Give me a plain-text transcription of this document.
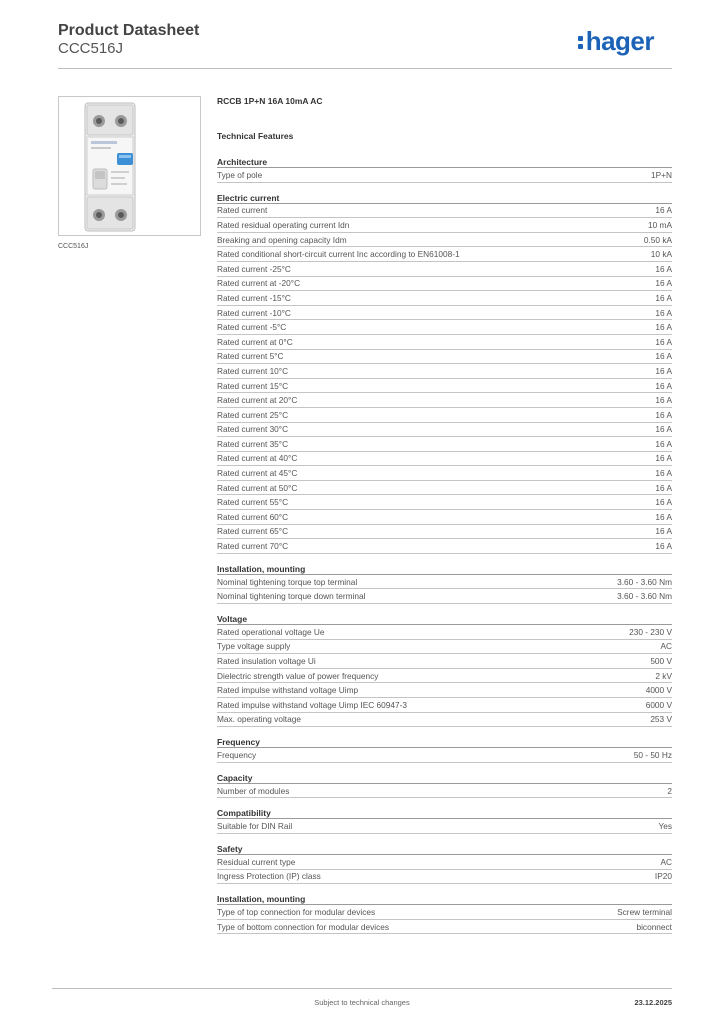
Product Datasheet
CCC516J	hager
CCC516J
RCCB 1P+N 16A 10mA AC
Technical Features
Architecture
Type of pole	1P+N
Electric current
Rated current	16 A
Rated residual operating current Idn	10 mA
Breaking and opening capacity Idm	0.50 kA
Rated conditional short-circuit current Inc according to EN61008-1	10 kA
Rated current -25°C	16 A
Rated current at -20°C	16 A
Rated current -15°C	16 A
Rated current -10°C	16 A
Rated current -5°C	16 A
Rated current at 0°C	16 A
Rated current 5°C	16 A
Rated current 10°C	16 A
Rated current 15°C	16 A
Rated current at 20°C	16 A
Rated current 25°C	16 A
Rated current 30°C	16 A
Rated current 35°C	16 A
Rated current at 40°C	16 A
Rated current at 45°C	16 A
Rated current at 50°C	16 A
Rated current 55°C	16 A
Rated current 60°C	16 A
Rated current 65°C	16 A
Rated current 70°C	16 A
Installation, mounting
Nominal tightening torque top terminal	3.60 - 3.60 Nm
Nominal tightening torque down terminal	3.60 - 3.60 Nm
Voltage
Rated operational voltage Ue	230 - 230 V
Type voltage supply	AC
Rated insulation voltage Ui	500 V
Dielectric strength value of power frequency	2 kV
Rated impulse withstand voltage Uimp	4000 V
Rated impulse withstand voltage Uimp IEC 60947-3	6000 V
Max. operating voltage	253 V
Frequency
Frequency	50 - 50 Hz
Capacity
Number of modules	2
Compatibility
Suitable for DIN Rail	Yes
Safety
Residual current type	AC
Ingress Protection (IP) class	IP20
Installation, mounting
Type of top connection for modular devices	Screw terminal
Type of bottom connection for modular devices	biconnect
Subject to technical changes	23.12.2025
